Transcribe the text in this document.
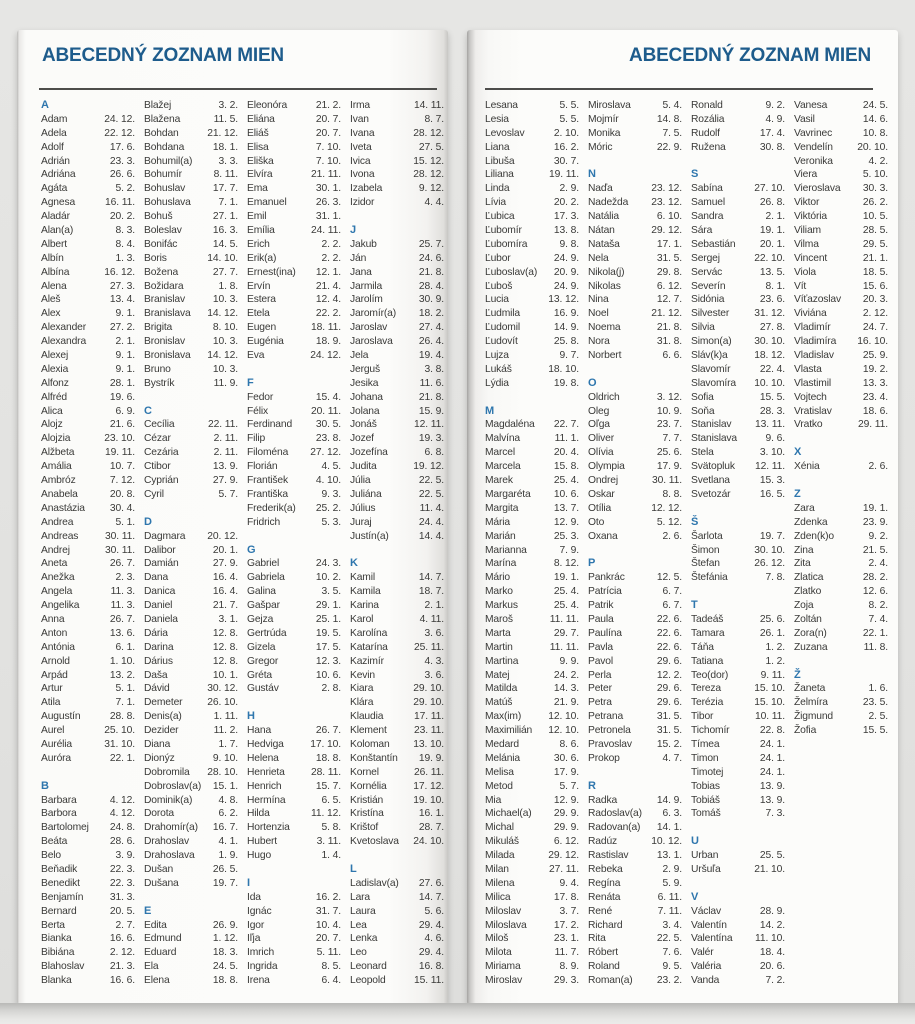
ABECEDNÝ ZOZNAM MIEN
A
Adam	24. 12.
Adela	22. 12.
Adolf	17. 6.
Adrián	23. 3.
Adriána	26. 6.
Agáta	5. 2.
Agnesa	16. 11.
Aladár	20. 2.
Alan(a)	8. 3.
Albert	8. 4.
Albín	1. 3.
Albína	16. 12.
Alena	27. 3.
Aleš	13. 4.
Alex	9. 1.
Alexander 27. 2.
Alexandra	2. 1.
Alexej	9. 1.
Alexia	9. 1.
Alfonz	28. 1.
Alfréd	19. 6.
Alica	6. 9.
Alojz	21. 6.
Alojzia	23. 10.
Alžbeta	19. 11.
Amália	10. 7.
Ambróz	7. 12.
Anabela	20. 8.
Anastázia 30. 4.
Andrea	5. 1.
Andreas	30. 11.
Andrej	30. 11.
Aneta	26. 7.
Anežka	2. 3.
Angela	11. 3.
Angelika	11. 3.
Anna	26. 7.
Anton	13. 6.
Antónia	6. 1.
Arnold	1. 10.
Arpád	13. 2.
Artur	5. 1.
Atila	7. 1.
Augustín	28. 8.
Aurel	25. 10.
Aurélia	31. 10.
Auróra	22. 1.
B
Barbara	4. 12.
Barbora	4. 12.
Bartolomej 24. 8.
Beáta	28. 6.
Belo	3. 9.
Beňadik	22. 3.
Benedikt	22. 3.
Benjamín	31. 3.
Bernard	20. 5.
Berta	2. 7.
Bianka	16. 6.
Bibiána	2. 12.
Blahoslav 21. 3.
Blanka	16. 6.
Blažej	3. 2.
Blažena	11. 5.
Bohdan	21. 12.
Bohdana	18. 1.
Bohumil(a)	3. 3.
Bohumír	8. 11.
Bohuslav	17. 7.
Bohuslava	7. 1.
Bohuš	27. 1.
Boleslav	16. 3.
Bonifác	14. 5.
Boris	14. 10.
Božena	27. 7.
Božidara	1. 8.
Branislav	10. 3.
Branislava 14. 12.
Brigita	8. 10.
Bronislav	10. 3.
Bronislava 14. 12.
Bruno	10. 3.
Bystrík	11. 9.
C
Cecília	22. 11.
Cézar	2. 11.
Cezária	2. 11.
Ctibor	13. 9.
Cyprián	27. 9.
Cyril	5. 7.
D
Dagmara 20. 12.
Dalibor	20. 1.
Damián	27. 9.
Dana	16. 4.
Danica	16. 4.
Daniel	21. 7.
Daniela	3. 1.
Dária	12. 8.
Darina	12. 8.
Dárius	12. 8.
Daša	10. 1.
Dávid	30. 12.
Demeter 26. 10.
Denis(a)	1. 11.
Dezider	11. 2.
Diana	1. 7.
Dionýz	9. 10.
Dobromila 28. 10.
Dobroslav(a) 15. 1.
Dominik(a)	4. 8.
Dorota	6. 2.
Drahomír(a) 16. 7.
Drahoslav	4. 1.
Drahoslava 1. 9.
Dušan	26. 5.
Dušana	19. 7.
E
Edita	26. 9.
Edmund	1. 12.
Eduard	18. 3.
Ela	24. 5.
Elena	18. 8.
Eleonóra	21. 2.
Eliána	20. 7.
Eliáš	20. 7.
Elisa	7. 10.
Eliška	7. 10.
Elvíra	21. 11.
Ema	30. 1.
Emanuel	26. 3.
Emil	31. 1.
Emília	24. 11.
Erich	2. 2.
Erik(a)	2. 2.
Ernest(ina) 12. 1.
Ervín	21. 4.
Estera	12. 4.
Etela	22. 2.
Eugen	18. 11.
Eugénia	18. 9.
Eva	24. 12.
F
Fedor	15. 4.
Félix	20. 11.
Ferdinand 30. 5.
Filip	23. 8.
Filoména 27. 12.
Florián	4. 5.
František	4. 10.
Františka	9. 3.
Frederik(a) 25. 2.
Fridrich	5. 3.
G
Gabriel	24. 3.
Gabriela	10. 2.
Galina	3. 5.
Gašpar	29. 1.
Gejza	25. 1.
Gertrúda	19. 5.
Gizela	17. 5.
Gregor	12. 3.
Gréta	10. 6.
Gustáv	2. 8.
H
Hana	26. 7.
Hedviga	17. 10.
Helena	18. 8.
Henrieta	28. 11.
Henrich	15. 7.
Hermína	6. 5.
Hilda	11. 12.
Hortenzia	5. 8.
Hubert	3. 11.
Hugo	1. 4.
I
Ida	16. 2.
Ignác	31. 7.
Igor	10. 4.
Iľja	20. 7.
Imrich	5. 11.
Ingrida	8. 5.
Irena	6. 4.
Irma	14. 11.
Ivan	8. 7.
Ivana	28. 12.
Iveta	27. 5.
Ivica	15. 12.
Ivona	28. 12.
Izabela	9. 12.
Izidor	4. 4.
J
Jakub	25. 7.
Ján	24. 6.
Jana	21. 8.
Jarmila	28. 4.
Jarolím	30. 9.
Jaromír(a) 18. 2.
Jaroslav	27. 4.
Jaroslava	26. 4.
Jela	19. 4.
Jerguš	3. 8.
Jesika	11. 6.
Johana	21. 8.
Jolana	15. 9.
Jonáš	12. 11.
Jozef	19. 3.
Jozefína	6. 8.
Judita	19. 12.
Júlia	22. 5.
Juliána	22. 5.
Július	11. 4.
Juraj	24. 4.
Justín(a)	14. 4.
K
Kamil	14. 7.
Kamila	18. 7.
Karina	2. 1.
Karol	4. 11.
Karolína	3. 6.
Katarína	25. 11.
Kazimír	4. 3.
Kevin	3. 6.
Kiara	29. 10.
Klára	29. 10.
Klaudia	17. 11.
Klement	23. 11.
Koloman 13. 10.
Konštantín 19. 9.
Kornel	26. 11.
Kornélia	17. 12.
Kristián	19. 10.
Kristína	16. 1.
Krištof	28. 7.
Kvetoslava 24. 10.
L
Ladislav(a) 27. 6.
Lara	14. 7.
Laura	5. 6.
Lea	29. 4.
Lenka	4. 6.
Leo	29. 4.
Leonard	16. 8.
Leopold	15. 11.
ABECEDNÝ ZOZNAM MIEN
Lesana	5. 5.
Lesia	5. 5.
Levoslav	2. 10.
Liana	16. 2.
Libuša	30. 7.
Liliana	19. 11.
Linda	2. 9.
Lívia	20. 2.
Ľubica	17. 3.
Ľubomír	13. 8.
Ľubomíra	9. 8.
Ľubor	24. 9.
Ľuboslav(a) 20. 9.
Ľuboš	24. 9.
Lucia	13. 12.
Ľudmila	16. 9.
Ľudomil	14. 9.
Ľudovít	25. 8.
Lujza	9. 7.
Lukáš	18. 10.
Lýdia	19. 8.
M
Magdaléna 22. 7.
Malvína	11. 1.
Marcel	20. 4.
Marcela	15. 8.
Marek	25. 4.
Margaréta 10. 6.
Margita	13. 7.
Mária	12. 9.
Marián	25. 3.
Marianna	7. 9.
Marína	8. 12.
Mário	19. 1.
Marko	25. 4.
Markus	25. 4.
Maroš	11. 11.
Marta	29. 7.
Martin	11. 11.
Martina	9. 9.
Matej	24. 2.
Matilda	14. 3.
Matúš	21. 9.
Max(im)	12. 10.
Maximilián 12. 10.
Medard	8. 6.
Melánia	30. 6.
Melisa	17. 9.
Metod	5. 7.
Mia	12. 9.
Michael(a) 29. 9.
Michal	29. 9.
Mikuláš	6. 12.
Milada	29. 12.
Milan	27. 11.
Milena	9. 4.
Milica	17. 8.
Miloslav	3. 7.
Miloslava	17. 2.
Miloš	23. 1.
Milota	11. 7.
Miriama	8. 9.
Miroslav	29. 3.
Miroslava	5. 4.
Mojmír	14. 8.
Monika	7. 5.
Móric	22. 9.
N
Naďa	23. 12.
Nadežda 23. 12.
Natália	6. 10.
Nátan	29. 12.
Nataša	17. 1.
Nela	31. 5.
Nikola(j)	29. 8.
Nikolas	6. 12.
Nina	12. 7.
Noel	21. 12.
Noema	21. 8.
Nora	31. 8.
Norbert	6. 6.
O
Oldrich	3. 12.
Oleg	10. 9.
Oľga	23. 7.
Oliver	7. 7.
Olívia	25. 6.
Olympia	17. 9.
Ondrej	30. 11.
Oskar	8. 8.
Otília	12. 12.
Oto	5. 12.
Oxana	2. 6.
P
Pankrác	12. 5.
Patrícia	6. 7.
Patrik	6. 7.
Paula	22. 6.
Paulína	22. 6.
Pavla	22. 6.
Pavol	29. 6.
Perla	12. 2.
Peter	29. 6.
Petra	29. 6.
Petrana	31. 5.
Petronela	31. 5.
Pravoslav 15. 2.
Prokop	4. 7.
R
Radka	14. 9.
Radoslav(a) 6. 3.
Radovan(a) 14. 1.
Radúz	10. 12.
Rastislav	13. 1.
Rebeka	2. 9.
Regína	5. 9.
Renáta	6. 11.
René	7. 11.
Richard	3. 4.
Rita	22. 5.
Róbert	7. 6.
Roland	9. 5.
Roman(a) 23. 2.
Ronald	9. 2.
Rozália	4. 9.
Rudolf	17. 4.
Ružena	30. 8.
S
Sabína	27. 10.
Samuel	26. 8.
Sandra	2. 1.
Sára	19. 1.
Sebastián 20. 1.
Sergej	22. 10.
Servác	13. 5.
Severín	8. 1.
Sidónia	23. 6.
Silvester 31. 12.
Silvia	27. 8.
Simon(a) 30. 10.
Sláv(k)a	18. 12.
Slavomír	22. 4.
Slavomíra 10. 10.
Sofia	15. 5.
Soňa	28. 3.
Stanislav 13. 11.
Stanislava	9. 6.
Stela	3. 10.
Svätopluk 12. 11.
Svetlana	15. 3.
Svetozár	16. 5.
Š
Šarlota	19. 7.
Šimon	30. 10.
Štefan	26. 12.
Štefánia	7. 8.
T
Tadeáš	25. 6.
Tamara	26. 1.
Táňa	1. 2.
Tatiana	1. 2.
Teo(dor)	9. 11.
Tereza	15. 10.
Terézia	15. 10.
Tibor	10. 11.
Tichomír	22. 8.
Tímea	24. 1.
Timon	24. 1.
Timotej	24. 1.
Tobias	13. 9.
Tobiáš	13. 9.
Tomáš	7. 3.
U
Urban	25. 5.
Uršuľa	21. 10.
V
Václav	28. 9.
Valentín	14. 2.
Valentína 11. 10.
Valér	18. 4.
Valéria	20. 6.
Vanda	7. 2.
Vanesa	24. 5.
Vasil	14. 6.
Vavrinec	10. 8.
Vendelín 20. 10.
Veronika	4. 2.
Viera	5. 10.
Vieroslava 30. 3.
Viktor	26. 2.
Viktória	10. 5.
Viliam	28. 5.
Vilma	29. 5.
Vincent	21. 1.
Viola	18. 5.
Vít	15. 6.
Víťazoslav 20. 3.
Viviána	2. 12.
Vladimír	24. 7.
Vladimíra 16. 10.
Vladislav	25. 9.
Vlasta	19. 2.
Vlastimil	13. 3.
Vojtech	23. 4.
Vratislav	18. 6.
Vratko	29. 11.
X
Xénia	2. 6.
Z
Zara	19. 1.
Zdenka	23. 9.
Zden(k)o	9. 2.
Zina	21. 5.
Zita	2. 4.
Zlatica	28. 2.
Zlatko	12. 6.
Zoja	8. 2.
Zoltán	7. 4.
Zora(n)	22. 1.
Zuzana	11. 8.
Ž
Žaneta	1. 6.
Želmíra	23. 5.
Žigmund	2. 5.
Žofia	15. 5.
